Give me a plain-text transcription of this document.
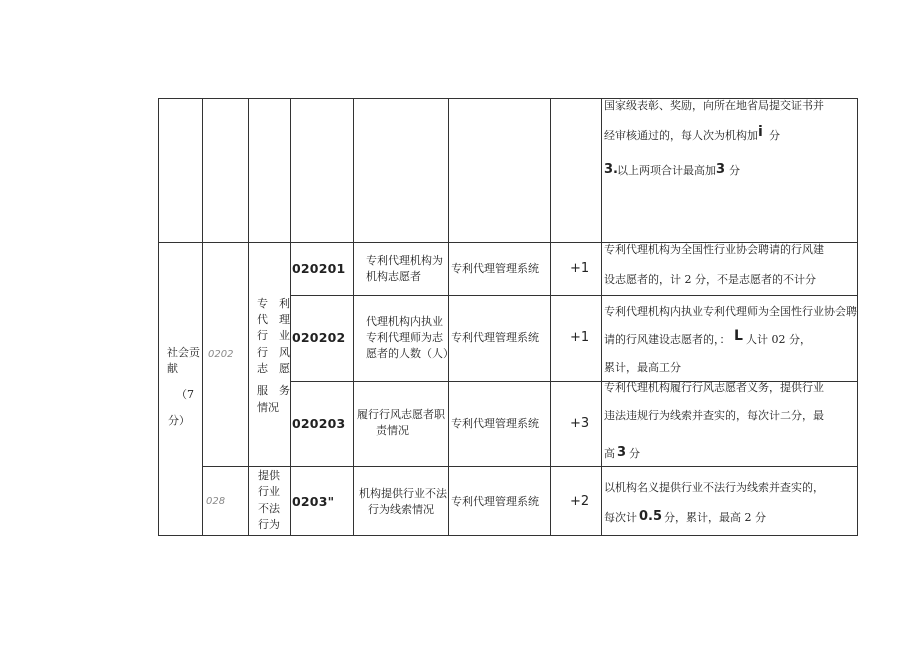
国家级表彰、奖励，向所在地省局提交证书并
经审核通过的，每人次为机构加 i 分
3. 以上两项合计最高加 3 分
社会贡
献
（7
分）
0202
专　利
代　理
行　业
行　风
志　愿
服　务
情况
028
提供
行业
不法
行为
020201
专利代理机构为
机构志愿者
专利代理管理系统 +1
专利代理机构为全国性行业协会聘请的行风建
设志愿者的，计 2 分，不是志愿者的不计分
020202
代理机构内执业
专利代理师为志
愿者的人数（人）
专利代理管理系统 +1
专利代理机构内执业专利代理师为全国性行业协会聘
请的行风建设志愿者的，： L 人计 02 分，
累计，最高工分
020203
履行行风志愿者职
责情况
专利代理管理系统 +3
专利代理机构履行行风志愿者义务，提供行业
违法违规行为线索并查实的，每次计二分，最
高 3 分
0203"
机构提供行业不法
行为线索情况
专利代理管理系统 +2
以机构名义提供行业不法行为线索并查实的，
每次计 0.5 分，累计，最高 2 分
